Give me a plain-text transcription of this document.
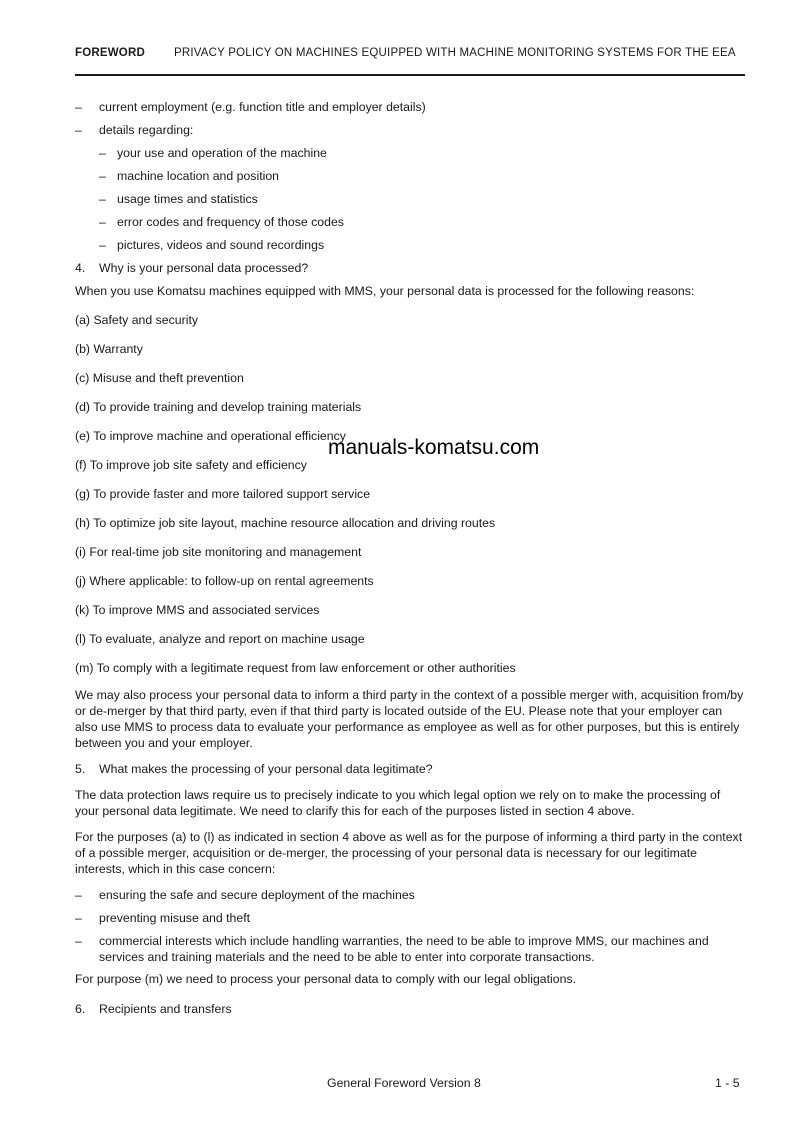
FOREWORD	PRIVACY POLICY ON MACHINES EQUIPPED WITH MACHINE MONITORING SYSTEMS FOR THE EEA
– current employment (e.g. function title and employer details)
– details regarding:
– your use and operation of the machine
– machine location and position
– usage times and statistics
– error codes and frequency of those codes
– pictures, videos and sound recordings
4. Why is your personal data processed?

When you use Komatsu machines equipped with MMS, your personal data is processed for the following reasons:

(a) Safety and security

(b) Warranty

(c) Misuse and theft prevention

(d) To provide training and develop training materials

(e) To improve machine and operational efficiency

(f) To improve job site safety and efficiency

(g) To provide faster and more tailored support service

(h) To optimize job site layout, machine resource allocation and driving routes

(i) For real-time job site monitoring and management

(j) Where applicable: to follow-up on rental agreements

(k) To improve MMS and associated services

(l) To evaluate, analyze and report on machine usage

(m) To comply with a legitimate request from law enforcement or other authorities

We may also process your personal data to inform a third party in the context of a possible merger with, acquisition from/by or de-merger by that third party, even if that third party is located outside of the EU. Please note that your employer can also use MMS to process data to evaluate your performance as employee as well as for other purposes, but this is entirely between you and your employer.

5. What makes the processing of your personal data legitimate?

The data protection laws require us to precisely indicate to you which legal option we rely on to make the processing of your personal data legitimate. We need to clarify this for each of the purposes listed in section 4 above.

For the purposes (a) to (l) as indicated in section 4 above as well as for the purpose of informing a third party in the context of a possible merger, acquisition or de-merger, the processing of your personal data is necessary for our legitimate interests, which in this case concern:

– ensuring the safe and secure deployment of the machines
– preventing misuse and theft
– commercial interests which include handling warranties, the need to be able to improve MMS, our machines and services and training materials and the need to be able to enter into corporate transactions.

For purpose (m) we need to process your personal data to comply with our legal obligations.

6. Recipients and transfers
manuals-komatsu.com
General Foreword Version 8	1 - 5
